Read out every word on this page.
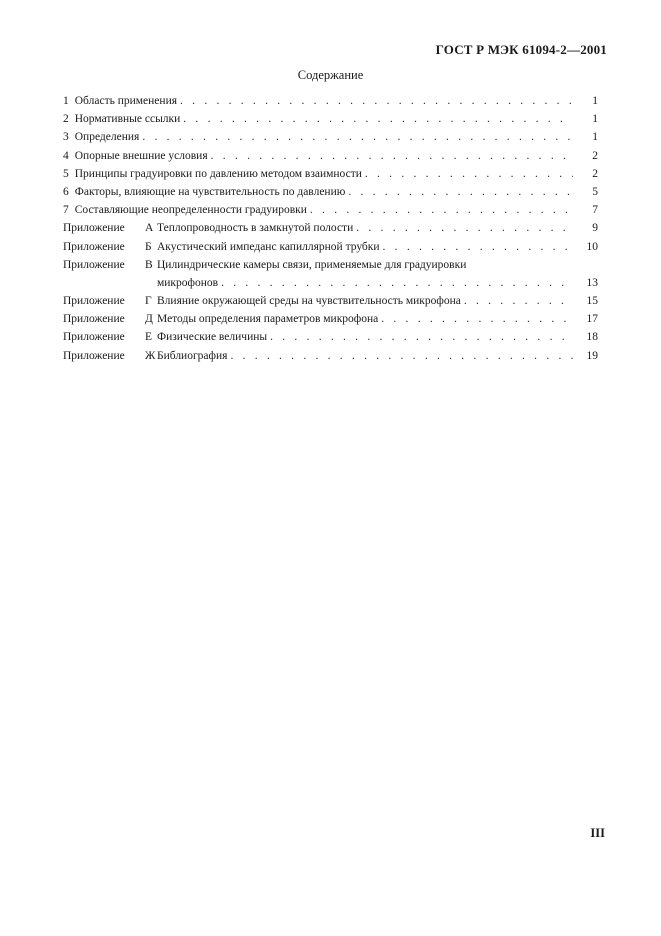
ГОСТ Р МЭК 61094-2—2001
Содержание
1 Область применения . . .	1
2 Нормативные ссылки . . .	1
3 Определения . . .	1
4 Опорные внешние условия . . .	2
5 Принципы градуировки по давлению методом взаимности . . .	2
6 Факторы, влияющие на чувствительность по давлению . . .	5
7 Составляющие неопределенности градуировки . . .	7
Приложение А Теплопроводность в замкнутой полости . . .	9
Приложение Б Акустический импеданс капиллярной трубки . . .	10
Приложение В Цилиндрические камеры связи, применяемые для градуировки
микрофонов . . .	13
Приложение Г Влияние окружающей среды на чувствительность микрофона . . .	15
Приложение Д Методы определения параметров микрофона . . .	17
Приложение Е Физические величины . . .	18
Приложение Ж Библиография . . .	19
III
